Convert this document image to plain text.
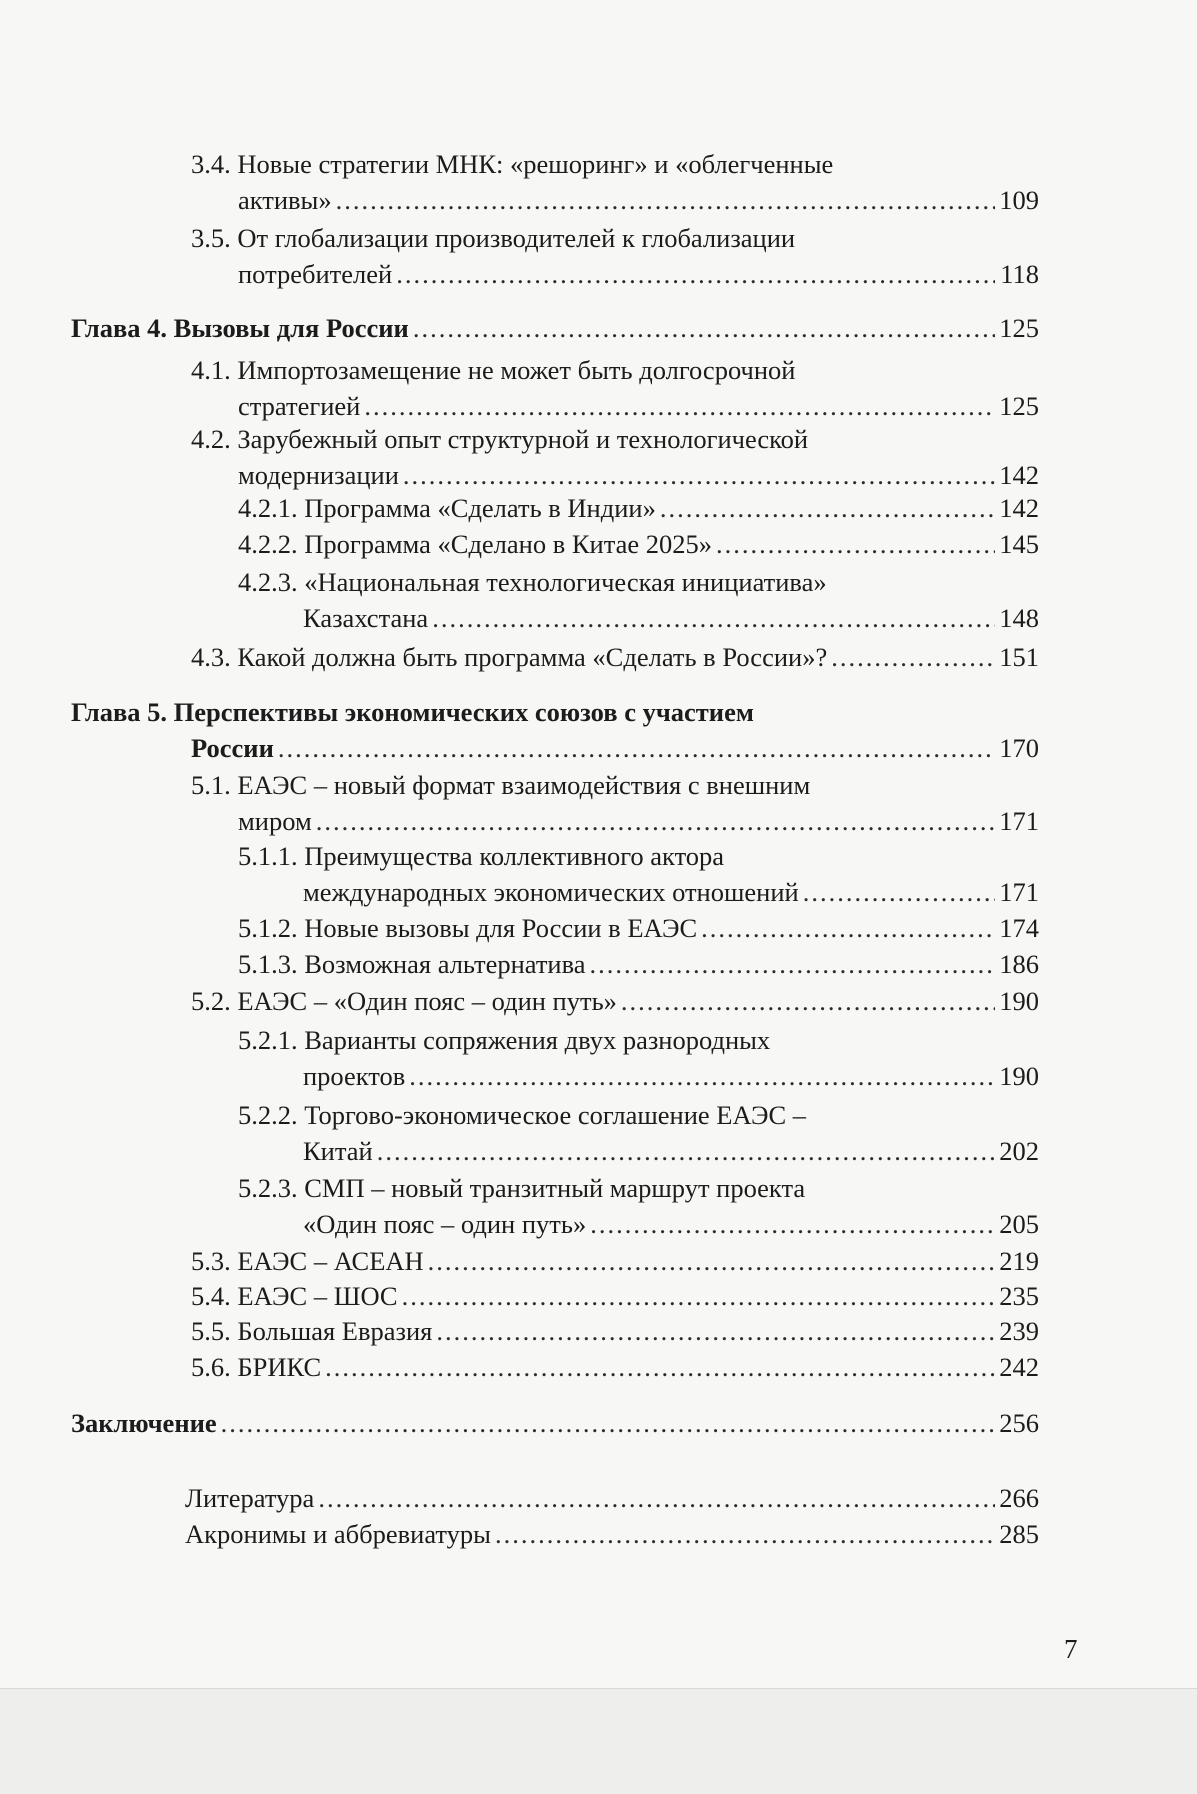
3.4. Новые стратегии МНК: «решоринг» и «облегченные
активы» .....	109
3.5. От глобализации производителей к глобализации
потребителей .....	118
Глава 4. Вызовы для России .....	125
4.1. Импортозамещение не может быть долгосрочной
стратегией .....	125
4.2. Зарубежный опыт структурной и технологической
модернизации .....	142
4.2.1. Программа «Сделать в Индии» .....	142
4.2.2. Программа «Сделано в Китае 2025» .....	145
4.2.3. «Национальная технологическая инициатива»
Казахстана .....	148
4.3. Какой должна быть программа «Сделать в России»? .....	151
Глава 5. Перспективы экономических союзов с участием
России .....	170
5.1. ЕАЭС – новый формат взаимодействия с внешним
миром .....	171
5.1.1. Преимущества коллективного актора
международных экономических отношений .....	171
5.1.2. Новые вызовы для России в ЕАЭС .....	174
5.1.3. Возможная альтернатива .....	186
5.2. ЕАЭС – «Один пояс – один путь» .....	190
5.2.1. Варианты сопряжения двух разнородных
проектов .....	190
5.2.2. Торгово-экономическое соглашение ЕАЭС –
Китай .....	202
5.2.3. СМП – новый транзитный маршрут проекта
«Один пояс – один путь» .....	205
5.3. ЕАЭС – АСЕАН .....	219
5.4. ЕАЭС – ШОС .....	235
5.5. Большая Евразия .....	239
5.6. БРИКС .....	242
Заключение .....	256
Литература .....	266
Акронимы и аббревиатуры .....	285
7
